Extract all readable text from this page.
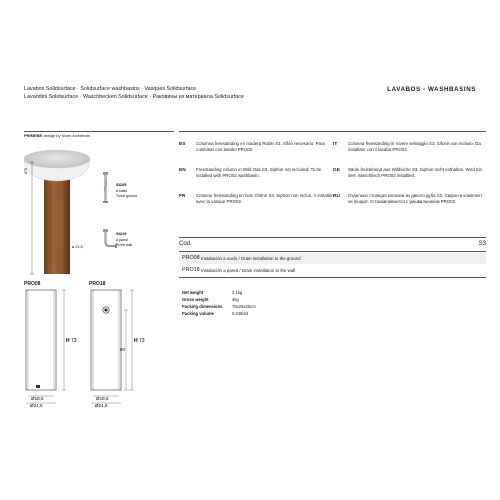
Lavabos Solidsurface · Solidsurface washbasins · Vasques Solidsurface
Lavandini Solidsurface · Waschbecken Solidsurface · Раковины из материала Solidsurface
LAVABOS - WASHBASINS
PRIMEBE design by Norm Architects
875
ø 21,5
SI225
A suelo
To the ground
SI219
A pared
To the wall
ES Columna freestanding en madera Roble S3. Sifón necesario. Para combinar con lavabo PRO02.
EN Freestanding column in Wild Oak S3. Siphon not included. To be installed with PRO02 washbasin.
FR Colonne freestanding en bois Chêne S3. Siphon non inclus. À installer avec la vasque PRO02.
IT Colonna freestanding in rovere selvaggio S3. Sifone non incluso. Da installare con il lavabo PRO02.
GE Säule freistehend aus Wildeiche S3. Siphon nicht enthalten. Wird mit dem Waschtisch PRO02 installiert.
RU Отдельно стоящая колонна из дикого дуба S3. Сифон в комплект не входит. Устанавливается с умывальником PRO02.
Cod.	S3
PRO08 Instalación a suelo / Drain installation to the ground
PRO18 Instalación a pared / Drain installation to the wall
Net weight	3,1kg
Gross weight	4kg
Packing dimensions 76x25x25cm
Packing volume	0,048m3
PRO08	PRO18
H 73
Ø18,5
Ø21,5
H 73
60
Ø18,5
Ø21,5
